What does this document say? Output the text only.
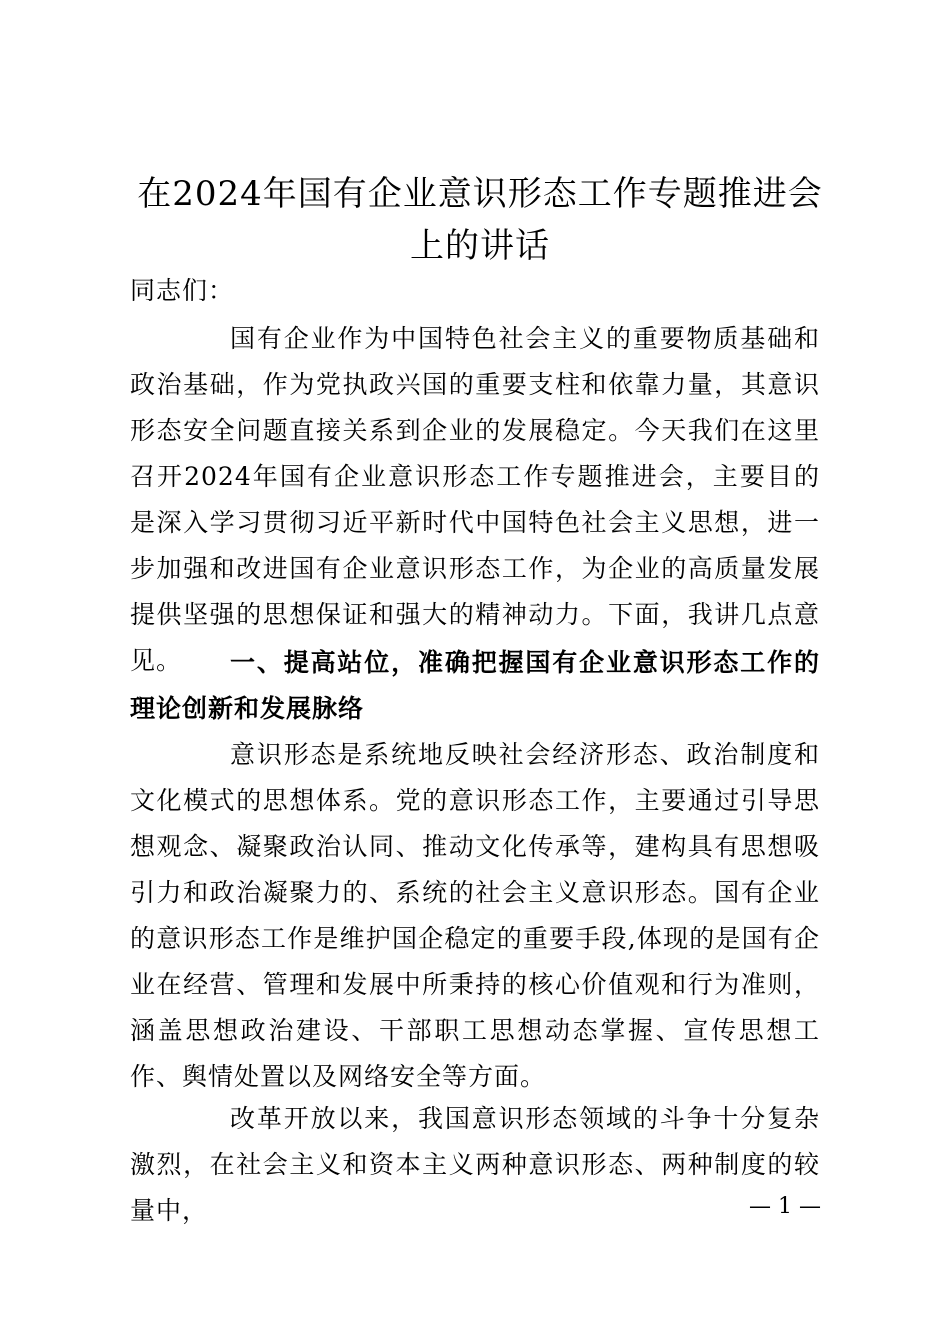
在2024年国有企业意识形态工作专题推进会上的讲话
同志们：
国有企业作为中国特色社会主义的重要物质基础和政治基础，作为党执政兴国的重要支柱和依靠力量，其意识形态安全问题直接关系到企业的发展稳定。今天我们在这里召开2024年国有企业意识形态工作专题推进会，主要目的是深入学习贯彻习近平新时代中国特色社会主义思想，进一步加强和改进国有企业意识形态工作，为企业的高质量发展提供坚强的思想保证和强大的精神动力。下面，我讲几点意见。	一、提高站位，准确把握国有企业意识形态工作的理论创新和发展脉络
意识形态是系统地反映社会经济形态、政治制度和文化模式的思想体系。党的意识形态工作，主要通过引导思想观念、凝聚政治认同、推动文化传承等，建构具有思想吸引力和政治凝聚力的、系统的社会主义意识形态。国有企业的意识形态工作是维护国企稳定的重要手段,体现的是国有企业在经营、管理和发展中所秉持的核心价值观和行为准则，涵盖思想政治建设、干部职工思想动态掌握、宣传思想工作、舆情处置以及网络安全等方面。
改革开放以来，我国意识形态领域的斗争十分复杂激烈，在社会主义和资本主义两种意识形态、两种制度的较量中，	— 1 —
